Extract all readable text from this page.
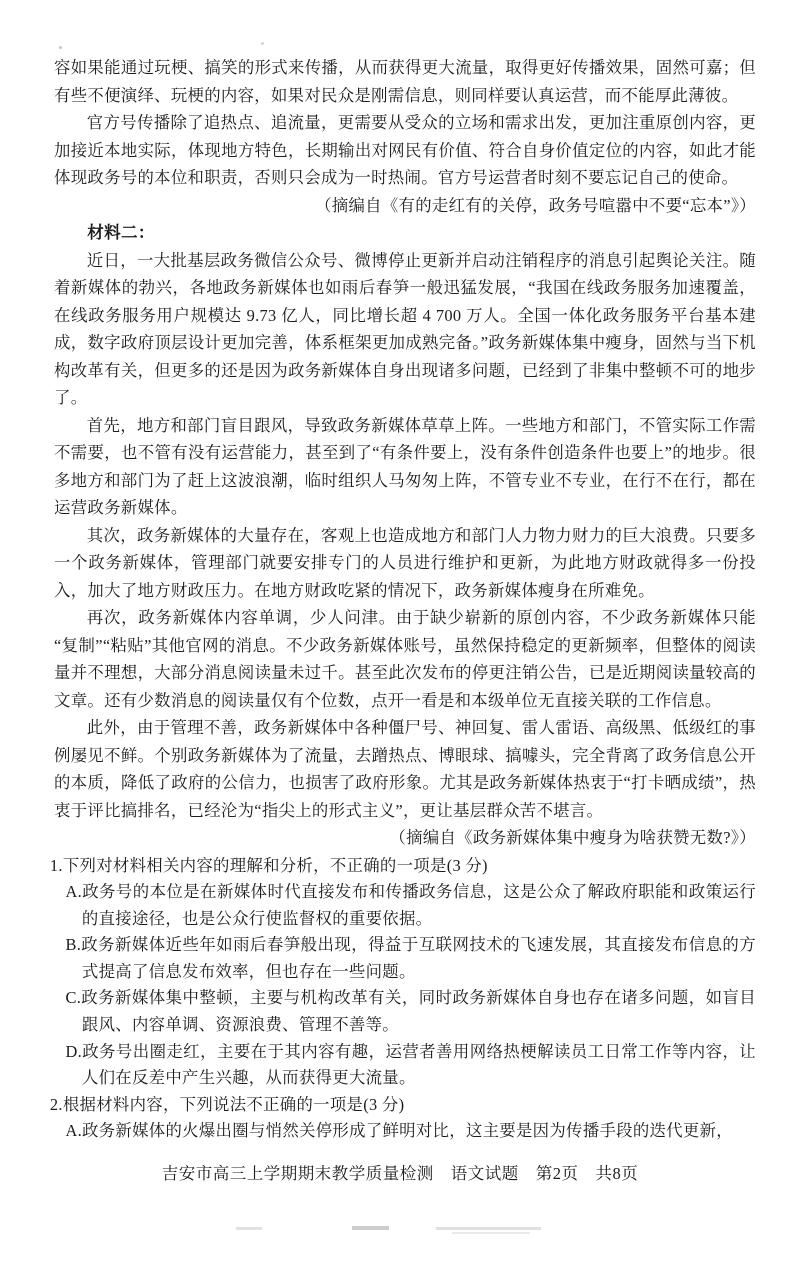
容如果能通过玩梗、搞笑的形式来传播，从而获得更大流量，取得更好传播效果，固然可嘉；但有些不便演绎、玩梗的内容，如果对民众是刚需信息，则同样要认真运营，而不能厚此薄彼。
官方号传播除了追热点、追流量，更需要从受众的立场和需求出发，更加注重原创内容，更加接近本地实际，体现地方特色，长期输出对网民有价值、符合自身价值定位的内容，如此才能体现政务号的本位和职责，否则只会成为一时热闹。官方号运营者时刻不要忘记自己的使命。
（摘编自《有的走红有的关停，政务号喧嚣中不要“忘本”》）
材料二：
近日，一大批基层政务微信公众号、微博停止更新并启动注销程序的消息引起舆论关注。随着新媒体的勃兴，各地政务新媒体也如雨后春笋一般迅猛发展，“我国在线政务服务加速覆盖，在线政务服务用户规模达 9.73 亿人，同比增长超 4 700 万人。全国一体化政务服务平台基本建成，数字政府顶层设计更加完善，体系框架更加成熟完备。”政务新媒体集中瘦身，固然与当下机构改革有关，但更多的还是因为政务新媒体自身出现诸多问题，已经到了非集中整顿不可的地步了。
首先，地方和部门盲目跟风，导致政务新媒体草草上阵。一些地方和部门，不管实际工作需不需要，也不管有没有运营能力，甚至到了“有条件要上，没有条件创造条件也要上”的地步。很多地方和部门为了赶上这波浪潮，临时组织人马匆匆上阵，不管专业不专业，在行不在行，都在运营政务新媒体。
其次，政务新媒体的大量存在，客观上也造成地方和部门人力物力财力的巨大浪费。只要多一个政务新媒体，管理部门就要安排专门的人员进行维护和更新，为此地方财政就得多一份投入，加大了地方财政压力。在地方财政吃紧的情况下，政务新媒体瘦身在所难免。
再次，政务新媒体内容单调，少人问津。由于缺少崭新的原创内容，不少政务新媒体只能“复制”“粘贴”其他官网的消息。不少政务新媒体账号，虽然保持稳定的更新频率，但整体的阅读量并不理想，大部分消息阅读量未过千。甚至此次发布的停更注销公告，已是近期阅读量较高的文章。还有少数消息的阅读量仅有个位数，点开一看是和本级单位无直接关联的工作信息。
此外，由于管理不善，政务新媒体中各种僵尸号、神回复、雷人雷语、高级黑、低级红的事例屡见不鲜。个别政务新媒体为了流量，去蹭热点、博眼球、搞噱头，完全背离了政务信息公开的本质，降低了政府的公信力，也损害了政府形象。尤其是政务新媒体热衷于“打卡晒成绩”，热衷于评比搞排名，已经沦为“指尖上的形式主义”，更让基层群众苦不堪言。
（摘编自《政务新媒体集中瘦身为啥获赞无数?》）
1.下列对材料相关内容的理解和分析，不正确的一项是(3 分)
A.政务号的本位是在新媒体时代直接发布和传播政务信息，这是公众了解政府职能和政策运行的直接途径，也是公众行使监督权的重要依据。
B.政务新媒体近些年如雨后春笋般出现，得益于互联网技术的飞速发展，其直接发布信息的方式提高了信息发布效率，但也存在一些问题。
C.政务新媒体集中整顿，主要与机构改革有关，同时政务新媒体自身也存在诸多问题，如盲目跟风、内容单调、资源浪费、管理不善等。
D.政务号出圈走红，主要在于其内容有趣，运营者善用网络热梗解读员工日常工作等内容，让人们在反差中产生兴趣，从而获得更大流量。
2.根据材料内容，下列说法不正确的一项是(3 分)
A.政务新媒体的火爆出圈与悄然关停形成了鲜明对比，这主要是因为传播手段的迭代更新，
吉安市高三上学期期末教学质量检测　语文试题　第2页　共8页
